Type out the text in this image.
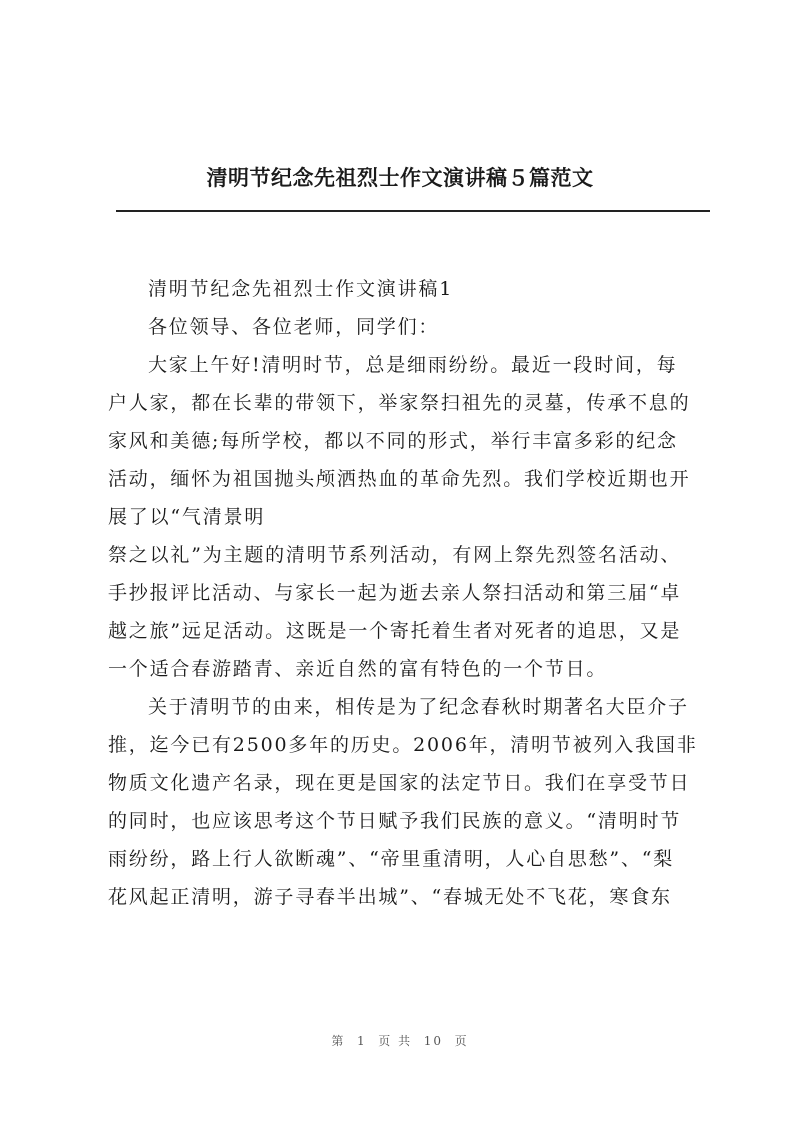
清明节纪念先祖烈士作文演讲稿５篇范文
清明节纪念先祖烈士作文演讲稿1
各位领导、各位老师，同学们：
大家上午好!清明时节，总是细雨纷纷。最近一段时间，每
户人家，都在长辈的带领下，举家祭扫祖先的灵墓，传承不息的
家风和美德;每所学校，都以不同的形式，举行丰富多彩的纪念
活动，缅怀为祖国抛头颅洒热血的革命先烈。我们学校近期也开
展了以“气清景明
祭之以礼”为主题的清明节系列活动，有网上祭先烈签名活动、
手抄报评比活动、与家长一起为逝去亲人祭扫活动和第三届“卓
越之旅”远足活动。这既是一个寄托着生者对死者的追思，又是
一个适合春游踏青、亲近自然的富有特色的一个节日。
关于清明节的由来，相传是为了纪念春秋时期著名大臣介子
推，迄今已有2500多年的历史。2006年，清明节被列入我国非
物质文化遗产名录，现在更是国家的法定节日。我们在享受节日
的同时，也应该思考这个节日赋予我们民族的意义。“清明时节
雨纷纷，路上行人欲断魂”、“帝里重清明，人心自思愁”、“梨
花风起正清明，游子寻春半出城”、“春城无处不飞花，寒食东
第  1  页 共  10  页
